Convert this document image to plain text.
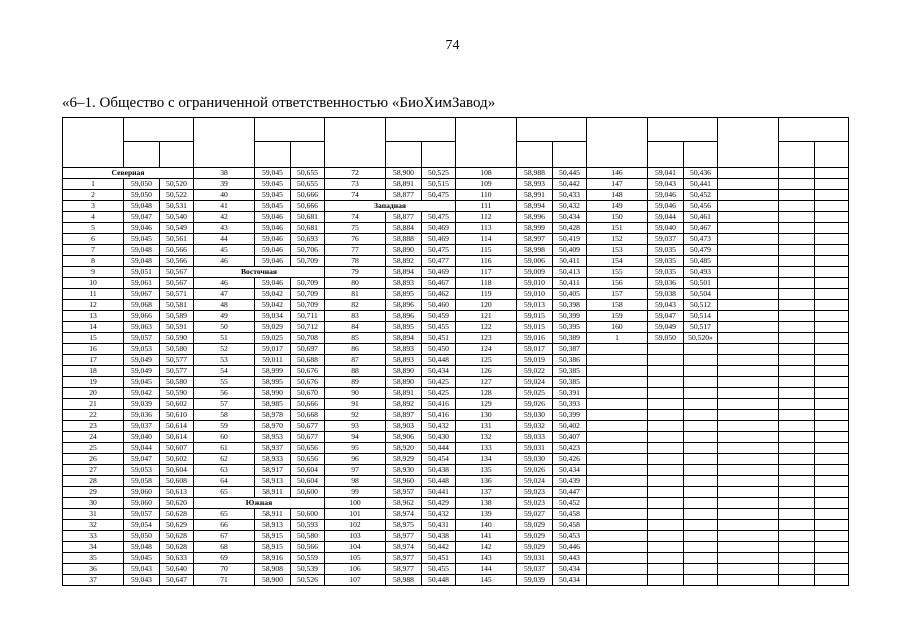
74
«6–1. Общество с ограниченной ответственностью «БиоХимЗавод»

Северная			38	59,045	50,655	72	58,900	50,525	108	58,988	50,445	146	59,041	50,436			
1	59,050	50,520	39	59,045	50,655	73	58,891	50,515	109	58,993	50,442	147	59,043	50,441			
2	59,050	50,522	40	59,045	50,666	74	58,877	50,475	110	58,991	50,433	148	59,046	50,452			
3	59,048	50,531	41	59,045	50,666	Западная			111	58,994	50,432	149	59,046	50,456			
4	59,047	50,540	42	59,046	50,681	74	58,877	50,475	112	58,996	50,434	150	59,044	50,461			
5	59,046	50,549	43	59,046	50,681	75	58,884	50,469	113	58,999	50,428	151	59,040	50,467			
6	59,045	50,561	44	59,046	50,693	76	58,888	50,469	114	58,997	50,419	152	59,037	50,473			
7	59,048	50,566	45	59,046	50,706	77	58,890	50,475	115	58,998	50,409	153	59,035	50,479			
8	59,048	50,566	46	59,046	50,709	78	58,892	50,477	116	59,006	50,411	154	59,035	50,485			
9	59,051	50,567	Восточная			79	58,894	50,469	117	59,009	50,413	155	59,035	50,493			
10	59,061	50,567	46	59,046	50,709	80	58,893	50,467	118	59,010	50,411	156	59,036	50,501			
11	59,067	50,571	47	59,042	50,709	81	58,895	50,462	119	59,010	50,405	157	59,038	50,504			
12	59,068	50,581	48	59,042	50,709	82	58,896	50,460	120	59,013	50,398	158	59,043	50,512			
13	59,066	50,589	49	59,034	50,711	83	58,896	50,459	121	59,015	50,399	159	59,047	50,514			
14	59,063	50,591	50	59,029	50,712	84	58,895	50,455	122	59,015	50,395	160	59,049	50,517			
15	59,057	50,590	51	59,025	50,708	85	58,894	50,451	123	59,016	50,389	1	59,050	50,520»			
16	59,053	50,580	52	59,017	50,697	86	58,893	50,450	124	59,017	50,387						
17	59,049	50,577	53	59,011	50,688	87	58,893	50,448	125	59,019	50,386						
18	59,049	50,577	54	58,999	50,676	88	58,890	50,434	126	59,022	50,385						
19	59,045	50,580	55	58,995	50,676	89	58,890	50,425	127	59,024	50,385						
20	59,042	50,590	56	58,990	50,670	90	58,891	50,425	128	59,025	50,391						
21	59,039	50,602	57	58,985	50,666	91	58,892	50,416	129	59,026	50,393						
22	59,036	50,610	58	58,978	50,668	92	58,897	50,416	130	59,030	50,399						
23	59,037	50,614	59	58,970	50,677	93	58,903	50,432	131	59,032	50,402						
24	59,040	50,614	60	58,953	50,677	94	58,906	50,430	132	59,033	50,407						
25	59,044	50,607	61	58,937	50,656	95	58,920	50,444	133	59,031	50,423						
26	59,047	50,602	62	58,933	50,656	96	58,929	50,454	134	59,030	50,426						
27	59,053	50,604	63	58,917	50,604	97	58,930	50,438	135	59,026	50,434						
28	59,058	50,608	64	58,913	50,604	98	58,960	50,448	136	59,024	50,439						
29	59,060	50,613	65	58,911	50,600	99	58,957	50,441	137	59,023	50,447						
30	59,060	50,620	Южная			100	58,962	50,429	138	59,023	50,452						
31	59,057	50,628	65	58,911	50,600	101	58,974	50,432	139	59,027	50,458						
32	59,054	50,629	66	58,913	50,593	102	58,975	50,431	140	59,029	50,458						
33	59,050	50,628	67	58,915	50,580	103	58,977	50,438	141	59,029	50,453						
34	59,048	50,628	68	58,915	50,566	104	58,974	50,442	142	59,029	50,446						
35	59,045	50,633	69	58,916	50,559	105	58,977	50,451	143	59,031	50,443						
36	59,043	50,640	70	58,908	50,539	106	58,977	50,455	144	59,037	50,434						
37	59,043	50,647	71	58,900	50,526	107	58,988	50,448	145	59,039	50,434						
